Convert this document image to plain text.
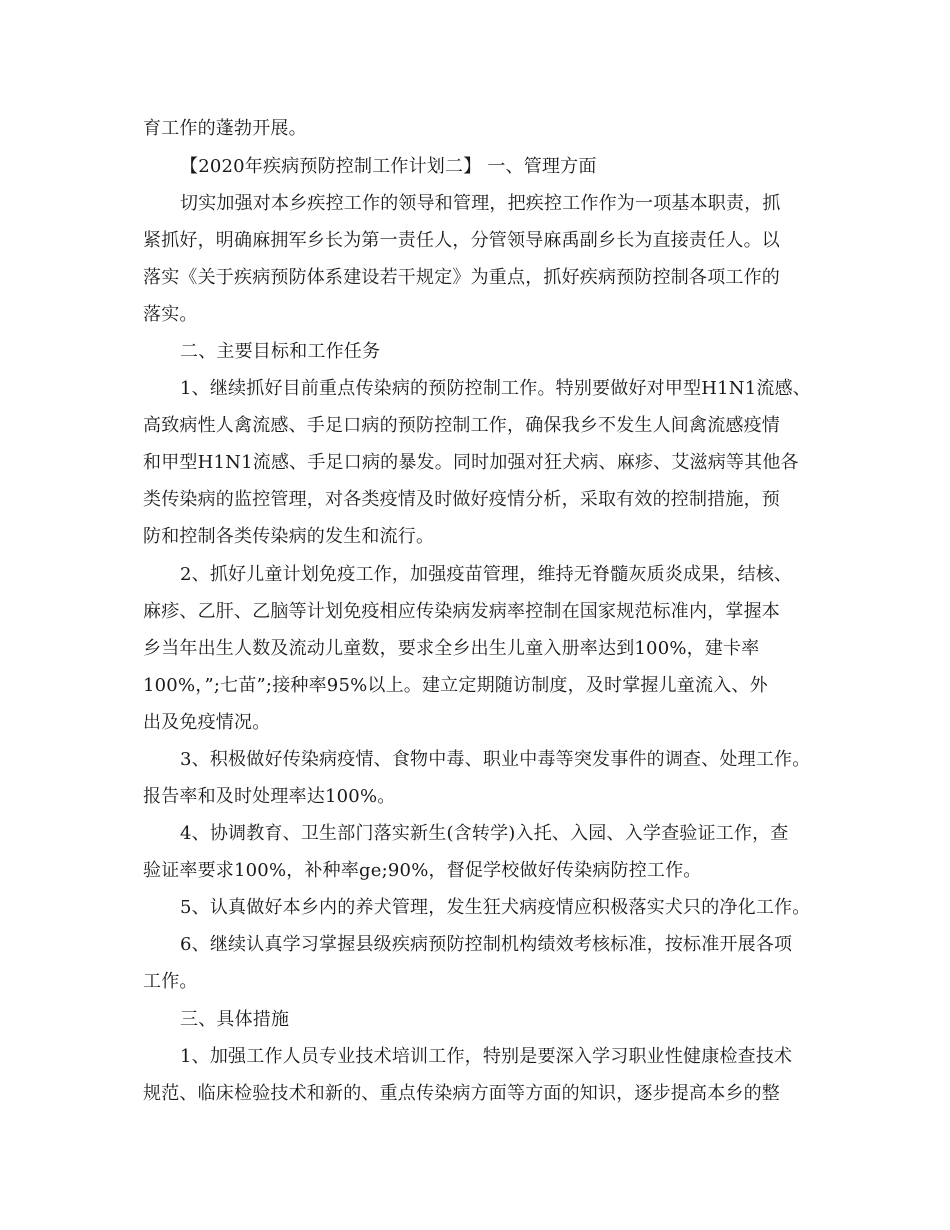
育工作的蓬勃开展。

【2020年疾病预防控制工作计划二】 一、管理方面

切实加强对本乡疾控工作的领导和管理，把疾控工作作为一项基本职责，抓

紧抓好，明确麻拥军乡长为第一责任人，分管领导麻禹副乡长为直接责任人。以

落实《关于疾病预防体系建设若干规定》为重点，抓好疾病预防控制各项工作的

落实。

二、主要目标和工作任务

1、继续抓好目前重点传染病的预防控制工作。特别要做好对甲型H1N1流感、

高致病性人禽流感、手足口病的预防控制工作，确保我乡不发生人间禽流感疫情

和甲型H1N1流感、手足口病的暴发。同时加强对狂犬病、麻疹、艾滋病等其他各

类传染病的监控管理，对各类疫情及时做好疫情分析，采取有效的控制措施，预

防和控制各类传染病的发生和流行。

2、抓好儿童计划免疫工作，加强疫苗管理，维持无脊髓灰质炎成果，结核、

麻疹、乙肝、乙脑等计划免疫相应传染病发病率控制在国家规范标准内，掌握本

乡当年出生人数及流动儿童数，要求全乡出生儿童入册率达到100%，建卡率

100%，”;七苗”;接种率95%以上。建立定期随访制度，及时掌握儿童流入、外

出及免疫情况。

3、积极做好传染病疫情、食物中毒、职业中毒等突发事件的调查、处理工作。

报告率和及时处理率达100%。

4、协调教育、卫生部门落实新生(含转学)入托、入园、入学查验证工作，查

验证率要求100%，补种率ge;90%，督促学校做好传染病防控工作。

5、认真做好本乡内的养犬管理，发生狂犬病疫情应积极落实犬只的净化工作。

6、继续认真学习掌握县级疾病预防控制机构绩效考核标准，按标准开展各项

工作。

三、具体措施

1、加强工作人员专业技术培训工作，特别是要深入学习职业性健康检查技术

规范、临床检验技术和新的、重点传染病方面等方面的知识，逐步提高本乡的整
